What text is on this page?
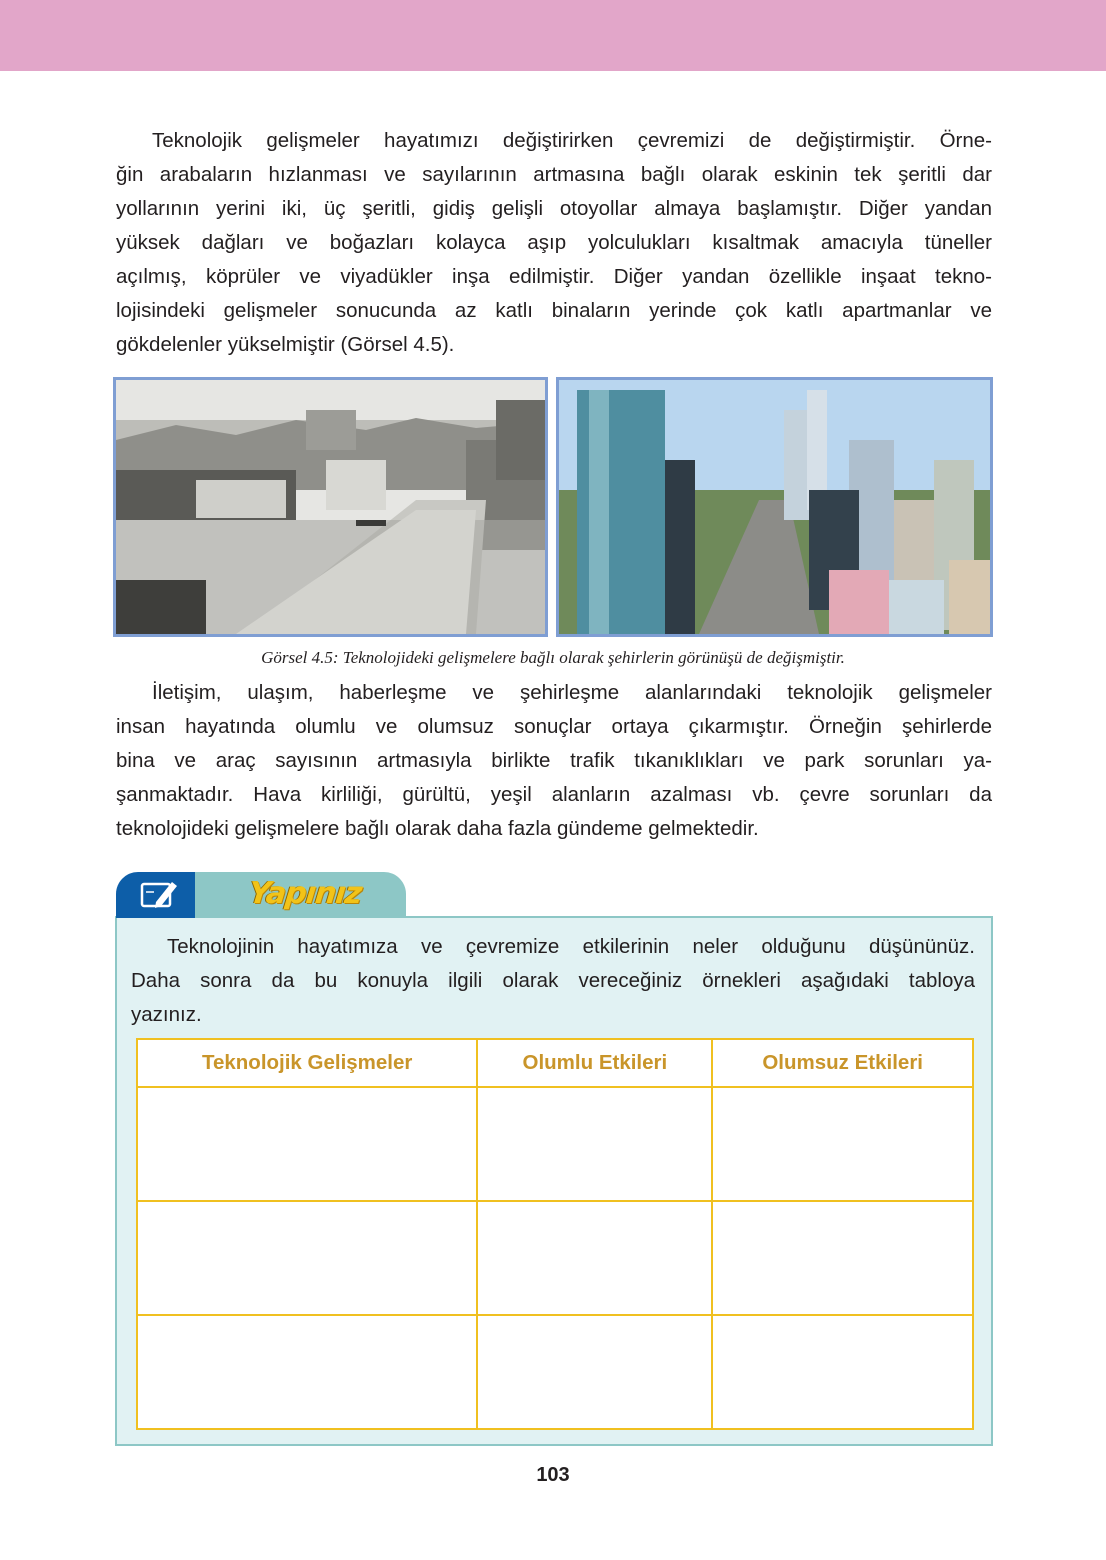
Teknolojik gelişmeler hayatımızı değiştirirken çevremizi de değiştirmiştir. Örne-
ğin arabaların hızlanması ve sayılarının artmasına bağlı olarak eskinin tek şeritli dar
yollarının yerini iki, üç şeritli, gidiş gelişli otoyollar almaya başlamıştır. Diğer yandan
yüksek dağları ve boğazları kolayca aşıp yolculukları kısaltmak amacıyla tüneller
açılmış, köprüler ve viyadükler inşa edilmiştir. Diğer yandan özellikle inşaat tekno-
lojisindeki gelişmeler sonucunda az katlı binaların yerinde çok katlı apartmanlar ve
gökdelenler yükselmiştir (Görsel 4.5).

Görsel 4.5: Teknolojideki gelişmelere bağlı olarak şehirlerin görünüşü de değişmiştir.

İletişim, ulaşım, haberleşme ve şehirleşme alanlarındaki teknolojik gelişmeler
insan hayatında olumlu ve olumsuz sonuçlar ortaya çıkarmıştır. Örneğin şehirlerde
bina ve araç sayısının artmasıyla birlikte trafik tıkanıklıkları ve park sorunları ya-
şanmaktadır. Hava kirliliği, gürültü, yeşil alanların azalması vb. çevre sorunları da
teknolojideki gelişmelere bağlı olarak daha fazla gündeme gelmektedir.

Yapınız

Teknolojinin hayatımıza ve çevremize etkilerinin neler olduğunu düşününüz.
Daha sonra da bu konuyla ilgili olarak vereceğiniz örnekleri aşağıdaki tabloya
yazınız.

Teknolojik Gelişmeler	Olumlu Etkileri	Olumsuz Etkileri

103
